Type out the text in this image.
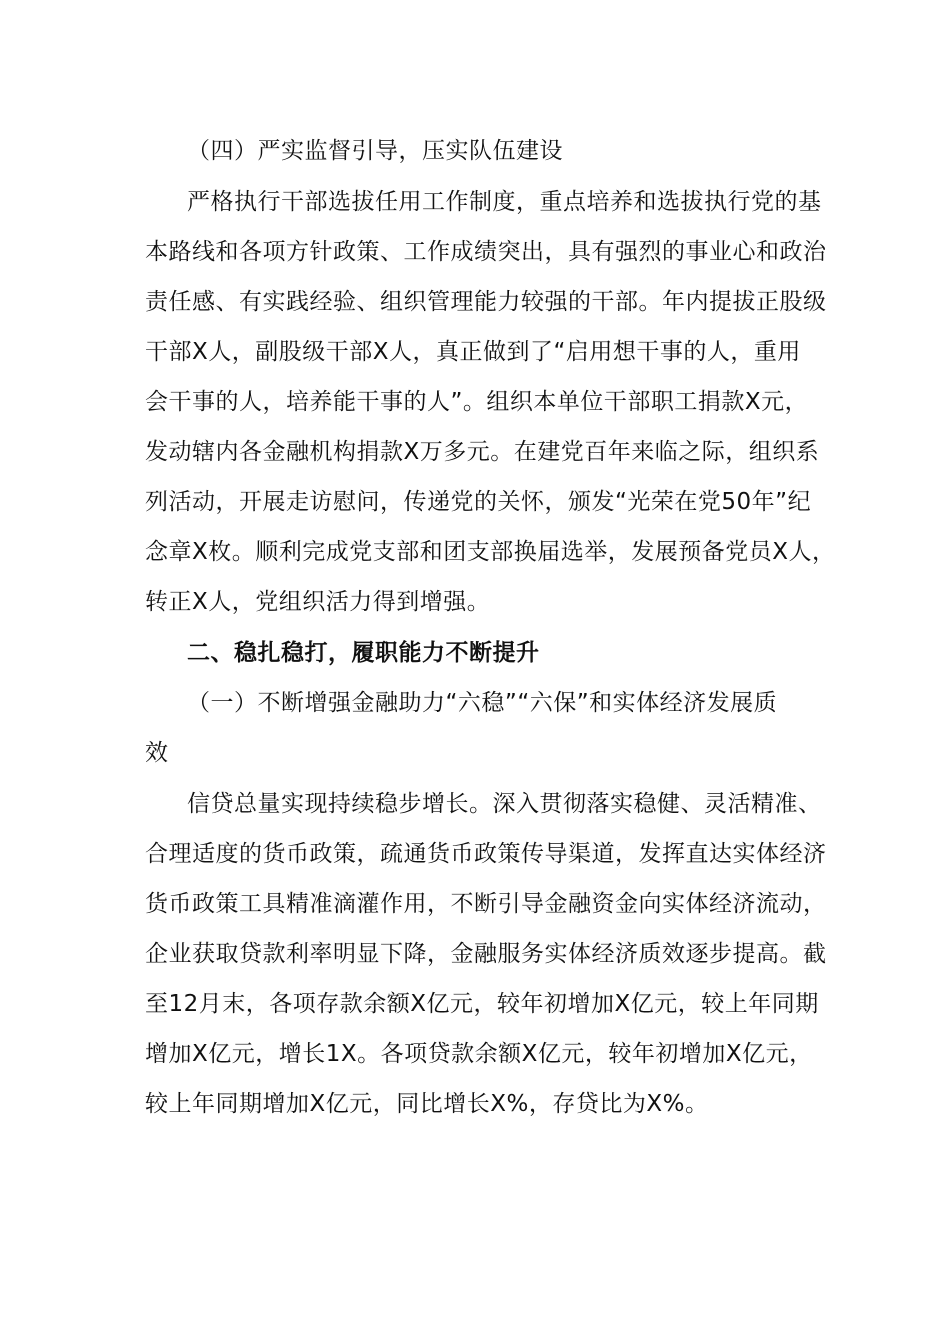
（四）严实监督引导，压实队伍建设
严格执行干部选拔任用工作制度，重点培养和选拔执行党的基
本路线和各项方针政策、工作成绩突出，具有强烈的事业心和政治
责任感、有实践经验、组织管理能力较强的干部。年内提拔正股级
干部X人，副股级干部X人，真正做到了“启用想干事的人，重用
会干事的人，培养能干事的人”。组织本单位干部职工捐款X元，
发动辖内各金融机构捐款X万多元。在建党百年来临之际，组织系
列活动，开展走访慰问，传递党的关怀，颁发“光荣在党50年”纪
念章X枚。顺利完成党支部和团支部换届选举，发展预备党员X人，
转正X人，党组织活力得到增强。
二、稳扎稳打，履职能力不断提升
（一）不断增强金融助力“六稳”“六保”和实体经济发展质
效
信贷总量实现持续稳步增长。深入贯彻落实稳健、灵活精准、
合理适度的货币政策，疏通货币政策传导渠道，发挥直达实体经济
货币政策工具精准滴灌作用，不断引导金融资金向实体经济流动，
企业获取贷款利率明显下降，金融服务实体经济质效逐步提高。截
至12月末，各项存款余额X亿元，较年初增加X亿元，较上年同期
增加X亿元，增长1X。各项贷款余额X亿元，较年初增加X亿元，
较上年同期增加X亿元，同比增长X%，存贷比为X%。
